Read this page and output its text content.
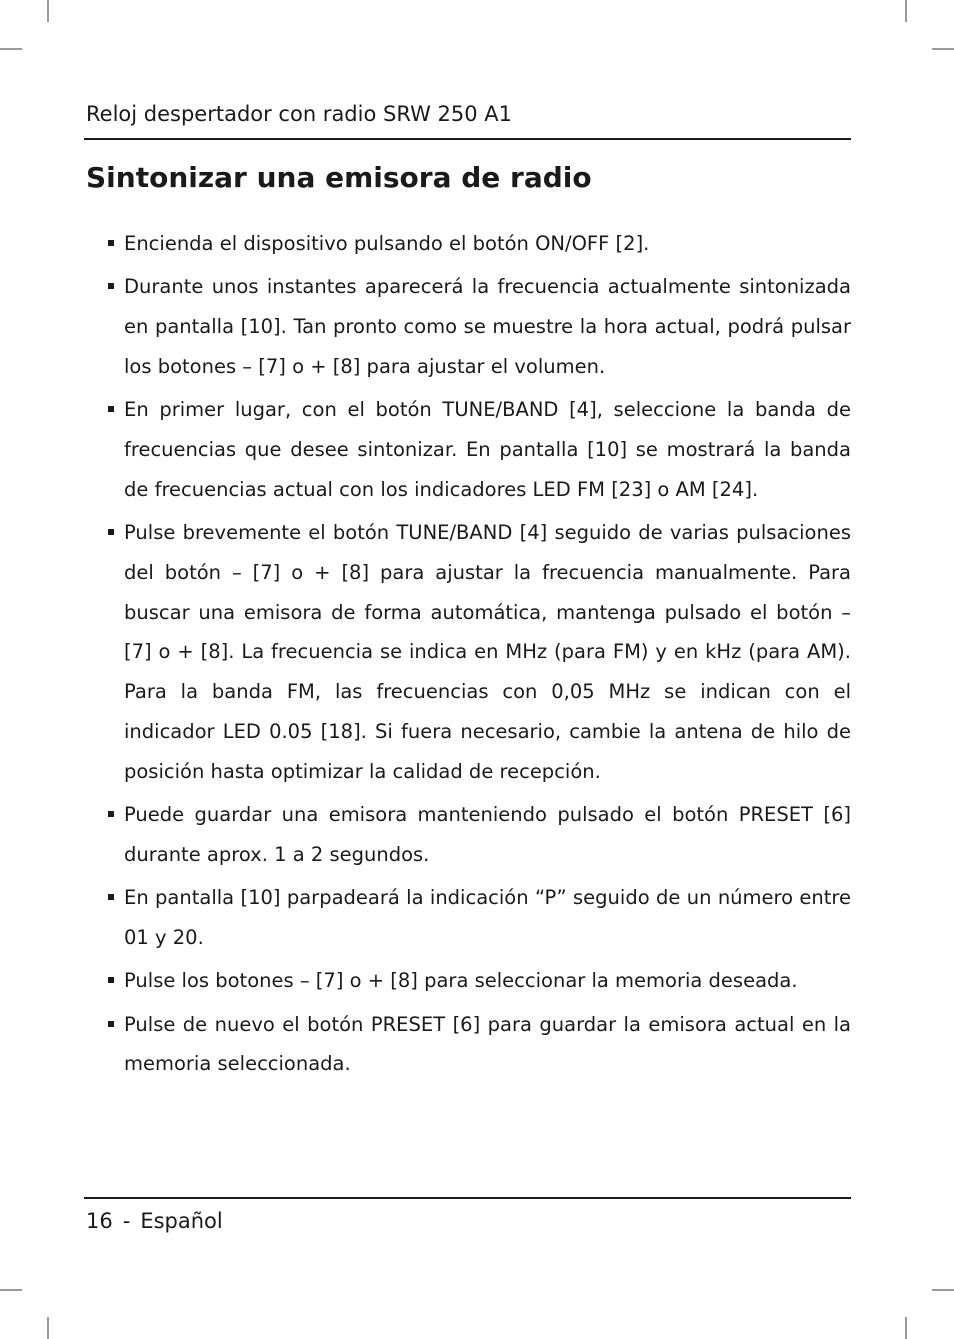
Reloj despertador con radio SRW 250 A1
Sintonizar una emisora de radio
Encienda el dispositivo pulsando el botón ON/OFF [2].
Durante unos instantes aparecerá la frecuencia actualmente sintonizada en pantalla [10]. Tan pronto como se muestre la hora actual, podrá pulsar los botones – [7] o + [8] para ajustar el volumen.
En primer lugar, con el botón TUNE/BAND [4], seleccione la banda de frecuencias que desee sintonizar. En pantalla [10] se mostrará la banda de frecuencias actual con los indicadores LED FM [23] o AM [24].
Pulse brevemente el botón TUNE/BAND [4] seguido de varias pulsaciones del botón – [7] o + [8] para ajustar la frecuencia manualmente. Para buscar una emisora de forma automática, mantenga pulsado el botón – [7] o + [8]. La frecuencia se indica en MHz (para FM) y en kHz (para AM). Para la banda FM, las frecuencias con 0,05 MHz se indican con el indicador LED 0.05 [18]. Si fuera necesario, cambie la antena de hilo de posición hasta optimizar la calidad de recepción.
Puede guardar una emisora manteniendo pulsado el botón PRESET [6] durante aprox. 1 a 2 segundos.
En pantalla [10] parpadeará la indicación “P” seguido de un número entre 01 y 20.
Pulse los botones – [7] o + [8] para seleccionar la memoria deseada.
Pulse de nuevo el botón PRESET [6] para guardar la emisora actual en la memoria seleccionada.
16 - Español
